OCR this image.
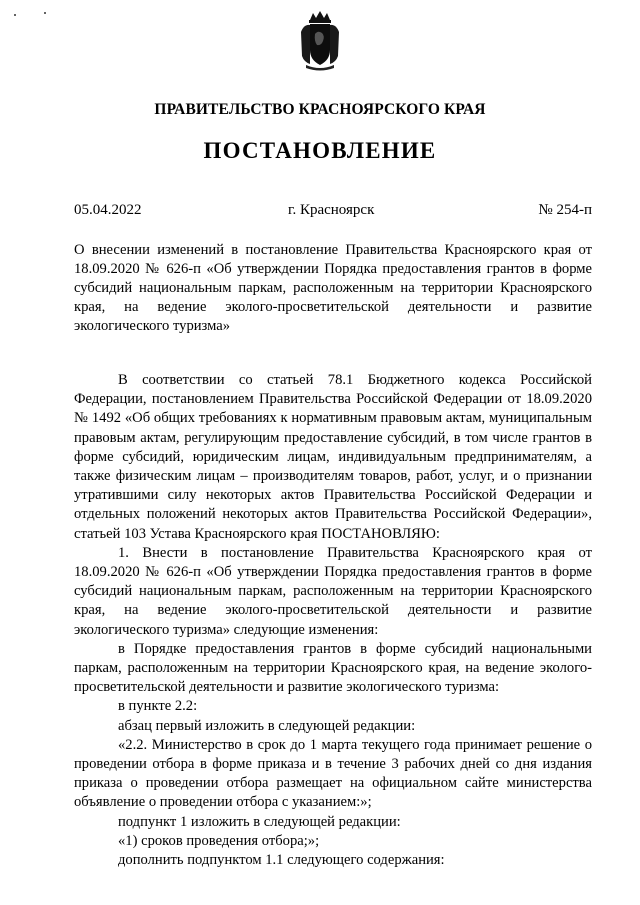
ПРАВИТЕЛЬСТВО КРАСНОЯРСКОГО КРАЯ
ПОСТАНОВЛЕНИЕ
05.04.2022	г. Красноярск	№ 254-п
О внесении изменений в постановление Правительства Красноярского края от 18.09.2020 № 626-п «Об утверждении Порядка предоставления грантов в форме субсидий национальным паркам, расположенным на территории Красноярского края, на ведение эколого-просветительской деятельности и развитие экологического туризма»

В соответствии со статьей 78.1 Бюджетного кодекса Российской Федерации, постановлением Правительства Российской Федерации от 18.09.2020 № 1492 «Об общих требованиях к нормативным правовым актам, муниципальным правовым актам, регулирующим предоставление субсидий, в том числе грантов в форме субсидий, юридическим лицам, индивидуальным предпринимателям, а также физическим лицам – производителям товаров, работ, услуг, и о признании утратившими силу некоторых актов Правительства Российской Федерации и отдельных положений некоторых актов Правительства Российской Федерации», статьей 103 Устава Красноярского края ПОСТАНОВЛЯЮ:

1. Внести в постановление Правительства Красноярского края от 18.09.2020 № 626-п «Об утверждении Порядка предоставления грантов в форме субсидий национальным паркам, расположенным на территории Красноярского края, на ведение эколого-просветительской деятельности и развитие экологического туризма» следующие изменения:

в Порядке предоставления грантов в форме субсидий национальными паркам, расположенным на территории Красноярского края, на ведение эколого-просветительской деятельности и развитие экологического туризма:

в пункте 2.2:

абзац первый изложить в следующей редакции:

«2.2. Министерство в срок до 1 марта текущего года принимает решение о проведении отбора в форме приказа и в течение 3 рабочих дней со дня издания приказа о проведении отбора размещает на официальном сайте министерства объявление о проведении отбора с указанием:»;

подпункт 1 изложить в следующей редакции:

«1) сроков проведения отбора;»;

дополнить подпунктом 1.1 следующего содержания:
